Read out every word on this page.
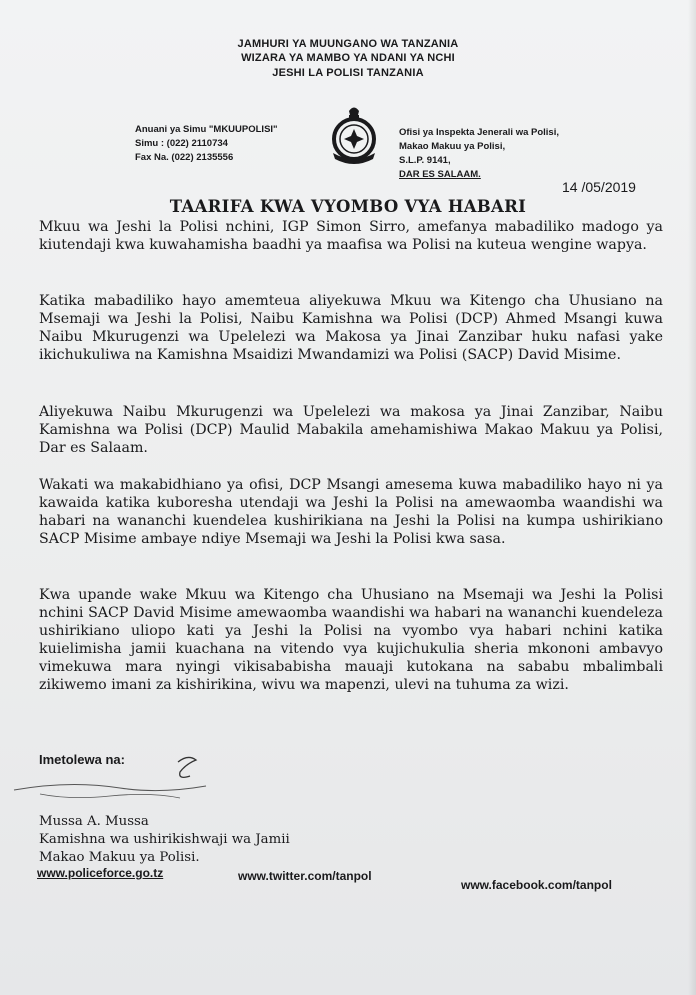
JAMHURI YA MUUNGANO WA TANZANIA
WIZARA YA MAMBO YA NDANI YA NCHI
JESHI LA POLISI TANZANIA
Anuani ya Simu "MKUUPOLISI"
Simu : (022) 2110734
Fax Na. (022) 2135556
Ofisi ya Inspekta Jenerali wa Polisi,
Makao Makuu ya Polisi,
S.L.P. 9141,
DAR ES SALAAM.
14 /05/2019
TAARIFA KWA VYOMBO VYA HABARI
Mkuu wa Jeshi la Polisi nchini, IGP Simon Sirro, amefanya mabadiliko madogo ya kiutendaji kwa kuwahamisha baadhi ya maafisa wa Polisi na kuteua wengine wapya.
Katika mabadiliko hayo amemteua aliyekuwa Mkuu wa Kitengo cha Uhusiano na Msemaji wa Jeshi la Polisi, Naibu Kamishna wa Polisi (DCP) Ahmed Msangi kuwa Naibu Mkurugenzi wa Upelelezi wa Makosa ya Jinai Zanzibar huku nafasi yake ikichukuliwa na Kamishna Msaidizi Mwandamizi wa Polisi (SACP) David Misime.
Aliyekuwa Naibu Mkurugenzi wa Upelelezi wa makosa ya Jinai Zanzibar, Naibu Kamishna wa Polisi (DCP) Maulid Mabakila amehamishiwa Makao Makuu ya Polisi, Dar es Salaam.
Wakati wa makabidhiano ya ofisi, DCP Msangi amesema kuwa mabadiliko hayo ni ya kawaida katika kuboresha utendaji wa Jeshi la Polisi na amewaomba waandishi wa habari na wananchi kuendelea kushirikiana na Jeshi la Polisi na kumpa ushirikiano SACP Misime ambaye ndiye Msemaji wa Jeshi la Polisi kwa sasa.
Kwa upande wake Mkuu wa Kitengo cha Uhusiano na Msemaji wa Jeshi la Polisi nchini SACP David Misime amewaomba waandishi wa habari na wananchi kuendeleza ushirikiano uliopo kati ya Jeshi la Polisi na vyombo vya habari nchini katika kuielimisha jamii kuachana na vitendo vya kujichukulia sheria mkononi ambavyo vimekuwa mara nyingi vikisababisha mauaji kutokana na sababu mbalimbali zikiwemo imani za kishirikina, wivu wa mapenzi, ulevi na tuhuma za wizi.
Imetolewa na:
Mussa A. Mussa
Kamishna wa ushirikishwaji wa Jamii
Makao Makuu ya Polisi.
www.policeforce.go.tz	www.twitter.com/tanpol
www.facebook.com/tanpol
